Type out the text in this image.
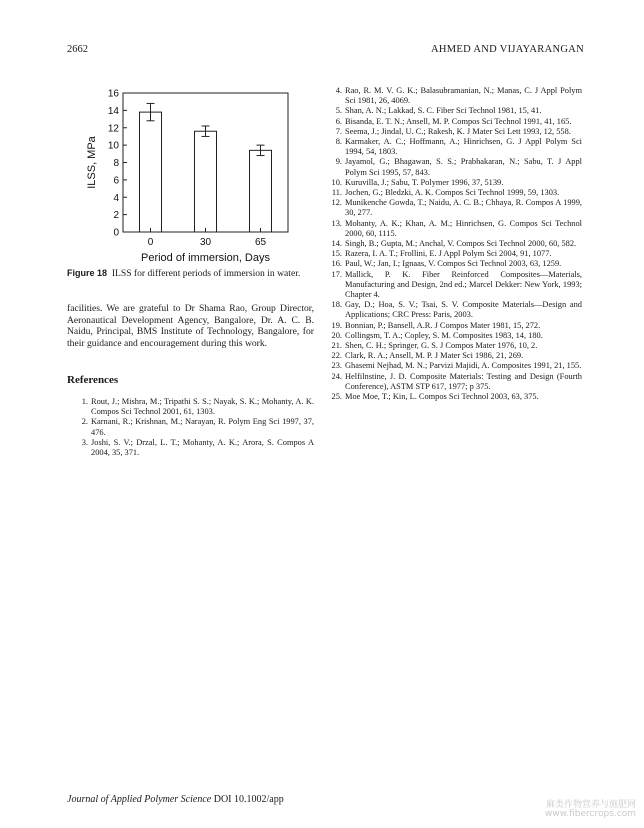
2662	AHMED AND VIJAYARANGAN
0
2
4
6
8
10
12
14
16
0	30	65
Period of immersion, Days
ILSS, MPa
Figure 18 ILSS for different periods of immersion in water.
facilities. We are grateful to Dr Shama Rao, Group Director, Aeronautical Development Agency, Bangalore, Dr. A. C. B. Naidu, Principal, BMS Institute of Technology, Bangalore, for their guidance and encouragement during this work.
References
1. Rout, J.; Mishra, M.; Tripathi S. S.; Nayak, S. K.; Mohanty, A. K. Compos Sci Technol 2001, 61, 1303.
2. Karnani, R.; Krishnan, M.; Narayan, R. Polym Eng Sci 1997, 37, 476.
3. Joshi, S. V.; Drzal, L. T.; Mohanty, A. K.; Arora, S. Compos A 2004, 35, 371.
4. Rao, R. M. V. G. K.; Balasubramanian, N.; Manas, C. J Appl Polym Sci 1981, 26, 4069.
5. Shan, A. N.; Lakkad, S. C. Fiber Sci Technol 1981, 15, 41.
6. Bisanda, E. T. N.; Ansell, M. P. Compos Sci Technol 1991, 41, 165.
7. Seema, J.; Jindal, U. C.; Rakesh, K. J Mater Sci Lett 1993, 12, 558.
8. Karmaker, A. C.; Hoffmann, A.; Hinrichsen, G. J Appl Polym Sci 1994, 54, 1803.
9. Jayamol, G.; Bhagawan, S. S.; Prabhakaran, N.; Sabu, T. J Appl Polym Sci 1995, 57, 843.
10. Kuruvilla, J.; Sabu, T. Polymer 1996, 37, 5139.
11. Jochen, G.; Bledzki, A. K. Compos Sci Technol 1999, 59, 1303.
12. Munikenche Gowda, T.; Naidu, A. C. B.; Chhaya, R. Compos A 1999, 30, 277.
13. Mohanty, A. K.; Khan, A. M.; Hinrichsen, G. Compos Sci Technol 2000, 60, 1115.
14. Singh, B.; Gupta, M.; Anchal, V. Compos Sci Technol 2000, 60, 582.
15. Razera, I. A. T.; Frollini, E. J Appl Polym Sci 2004, 91, 1077.
16. Paul, W.; Jan, I.; Ignaas, V. Compos Sci Technol 2003, 63, 1259.
17. Mallick, P. K. Fiber Reinforced Composites—Materials, Manufacturing and Design, 2nd ed.; Marcel Dekker: New York, 1993; Chapter 4.
18. Gay, D.; Hoa, S. V.; Tsai, S. V. Composite Materials—Design and Applications; CRC Press: Paris, 2003.
19. Bonnian, P.; Bansell, A.R. J Compos Mater 1981, 15, 272.
20. Collingsm, T. A.; Copley, S. M. Composites 1983, 14, 180.
21. Shen, C. H.; Springer, G. S. J Compos Mater 1976, 10, 2.
22. Clark, R. A.; Ansell, M. P. J Mater Sci 1986, 21, 269.
23. Ghasemi Nejhad, M. N.; Parvizi Majidi, A. Composites 1991, 21, 155.
24. Helfilnstine, J. D. Composite Materials: Testing and Design (Fourth Conference), ASTM STP 617, 1977; p 375.
25. Moe Moe, T.; Kin, L. Compos Sci Technol 2003, 63, 375.
Journal of Applied Polymer Science DOI 10.1002/app	麻类作物营养与施肥网
www.fibercrops.com
